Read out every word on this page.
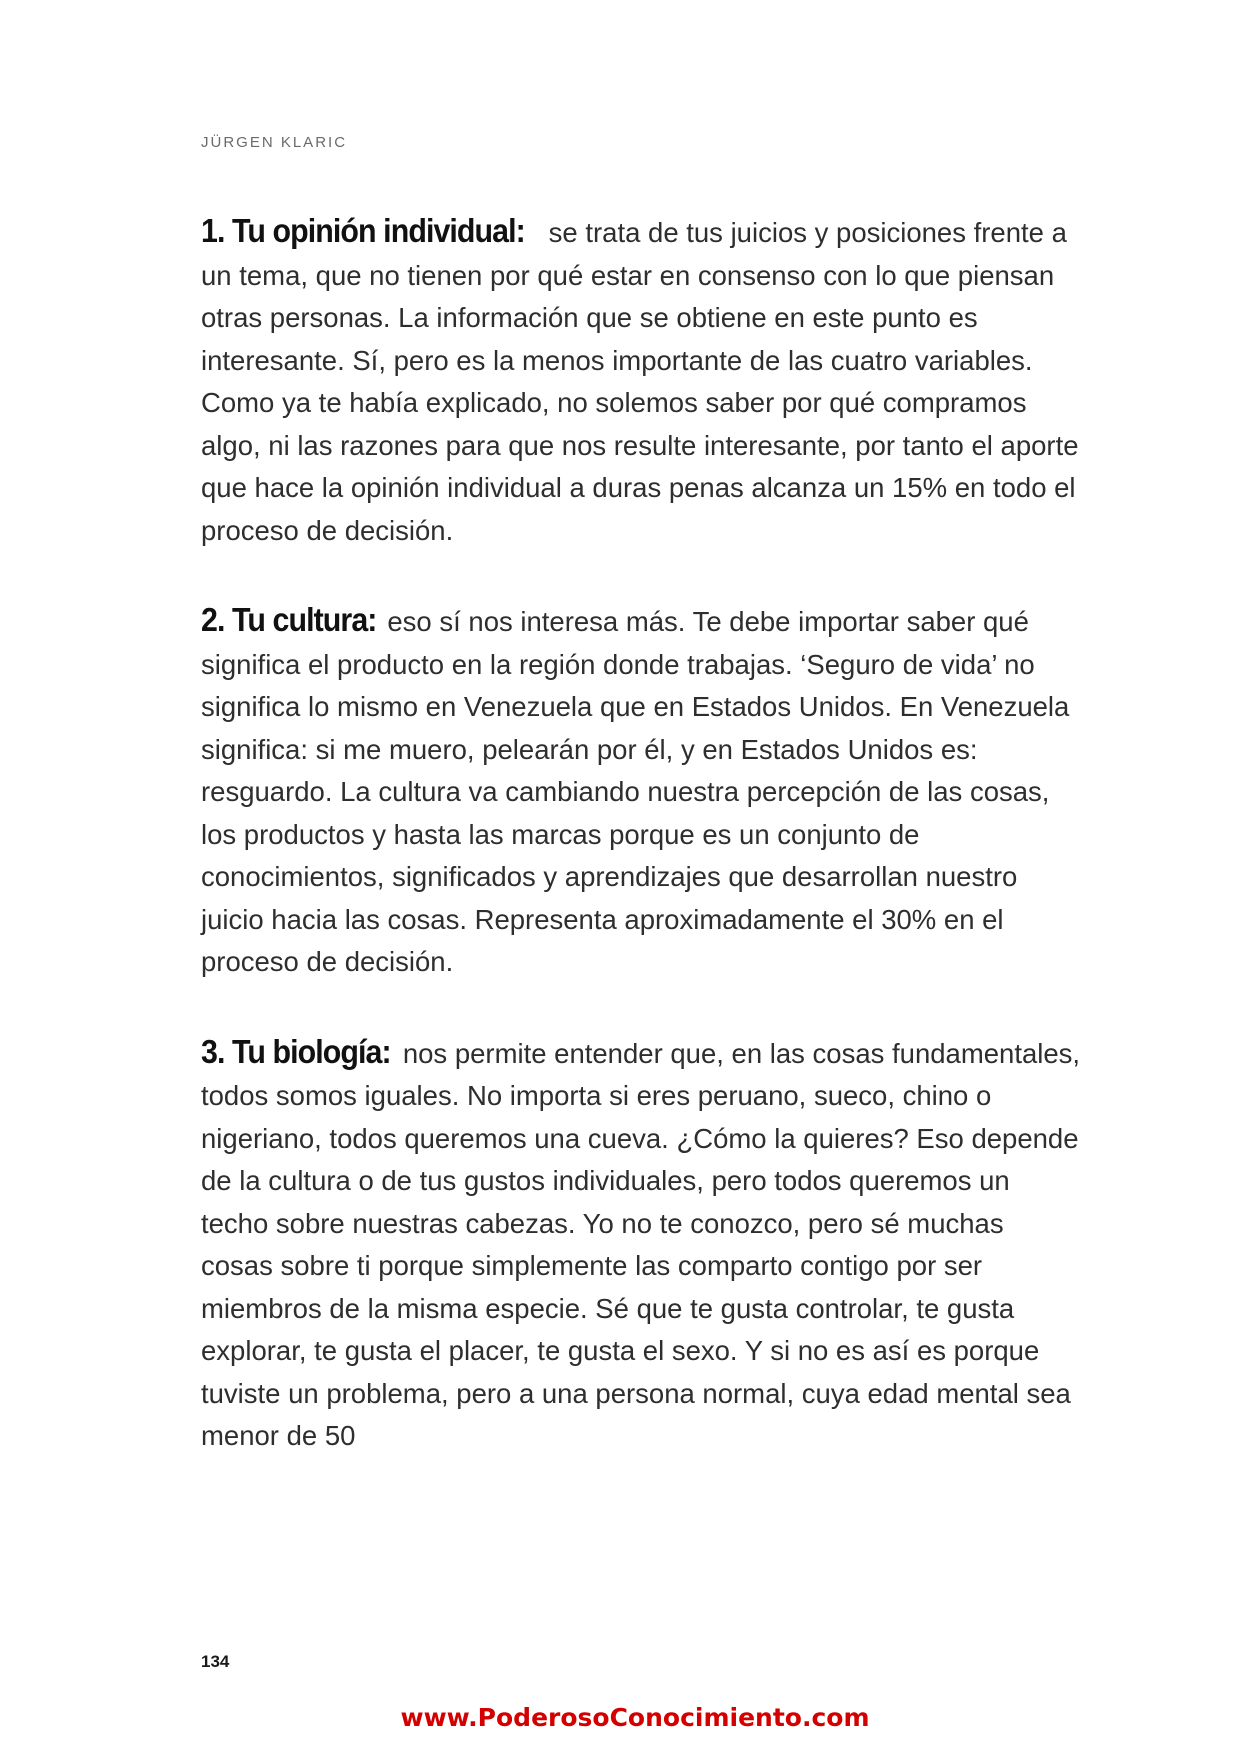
JÜRGEN KLARIC

1. Tu opinión individual: se trata de tus juicios y posiciones frente a un tema, que no tienen por qué estar en consenso con lo que piensan otras personas. La información que se obtiene en este punto es interesante. Sí, pero es la menos importante de las cuatro variables. Como ya te había explicado, no solemos saber por qué compramos algo, ni las razones para que nos resulte interesante, por tanto el aporte que hace la opinión individual a duras penas alcanza un 15% en todo el proceso de decisión.

2. Tu cultura: eso sí nos interesa más. Te debe importar saber qué significa el producto en la región donde trabajas. ‘Seguro de vida’ no significa lo mismo en Venezuela que en Estados Unidos. En Venezuela significa: si me muero, pelearán por él, y en Estados Unidos es: resguardo. La cultura va cambiando nuestra percepción de las cosas, los productos y hasta las marcas porque es un conjunto de conocimientos, significados y aprendizajes que desarrollan nuestro juicio hacia las cosas. Representa aproximadamente el 30% en el proceso de decisión.

3. Tu biología: nos permite entender que, en las cosas fundamentales, todos somos iguales. No importa si eres peruano, sueco, chino o nigeriano, todos queremos una cueva. ¿Cómo la quieres? Eso depende de la cultura o de tus gustos individuales, pero todos queremos un techo sobre nuestras cabezas. Yo no te conozco, pero sé muchas cosas sobre ti porque simplemente las comparto contigo por ser miembros de la misma especie. Sé que te gusta controlar, te gusta explorar, te gusta el placer, te gusta el sexo. Y si no es así es porque tuviste un problema, pero a una persona normal, cuya edad mental sea menor de 50

134
www.PoderosoConocimiento.com
